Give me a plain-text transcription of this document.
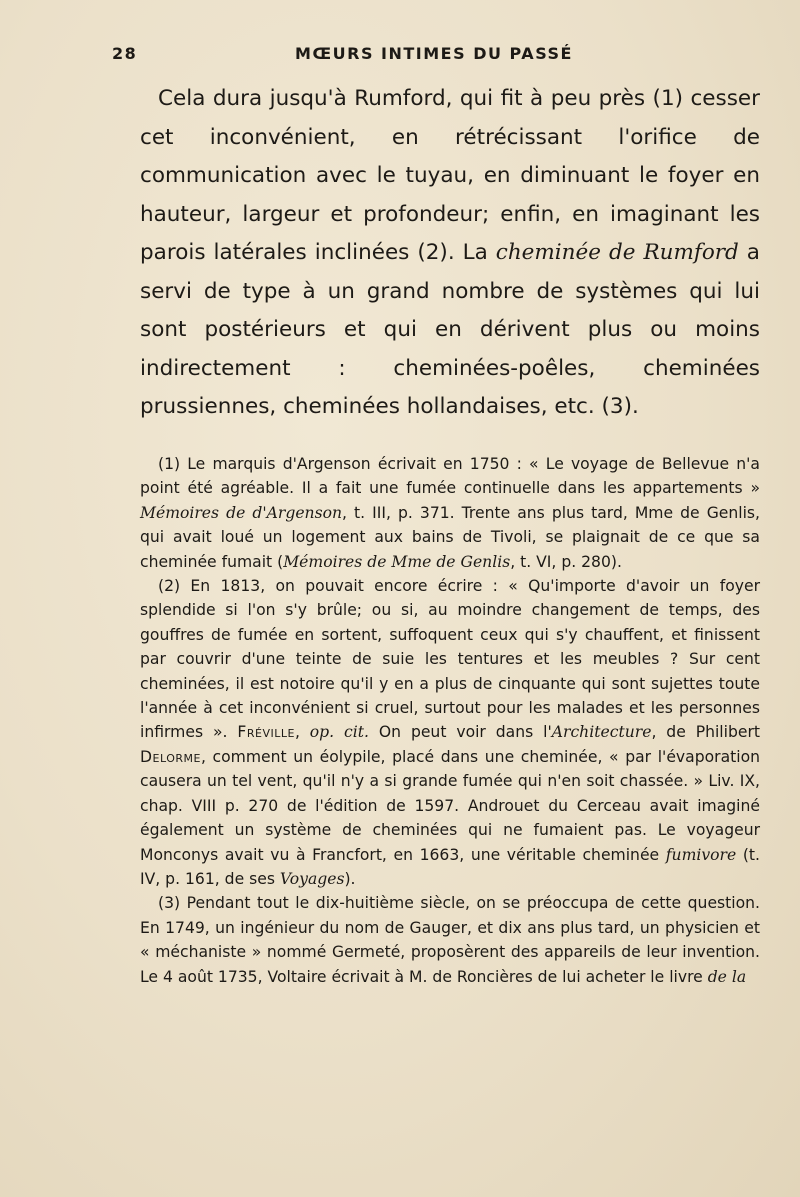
28	MŒURS INTIMES DU PASSÉ

Cela dura jusqu'à Rumford, qui fit à peu près (1) cesser cet inconvénient, en rétrécissant l'orifice de communication avec le tuyau, en diminuant le foyer en hauteur, largeur et profondeur; enfin, en imaginant les parois latérales inclinées (2). La cheminée de Rumford a servi de type à un grand nombre de systèmes qui lui sont postérieurs et qui en dérivent plus ou moins indirectement : cheminées-poêles, cheminées prussiennes, cheminées hollandaises, etc. (3).

(1) Le marquis d'Argenson écrivait en 1750 : « Le voyage de Bellevue n'a point été agréable. Il a fait une fumée continuelle dans les appartements » Mémoires de d'Argenson, t. III, p. 371. Trente ans plus tard, Mme de Genlis, qui avait loué un logement aux bains de Tivoli, se plaignait de ce que sa cheminée fumait (Mémoires de Mme de Genlis, t. VI, p. 280).

(2) En 1813, on pouvait encore écrire : « Qu'importe d'avoir un foyer splendide si l'on s'y brûle; ou si, au moindre changement de temps, des gouffres de fumée en sortent, suffoquent ceux qui s'y chauffent, et finissent par couvrir d'une teinte de suie les tentures et les meubles ? Sur cent cheminées, il est notoire qu'il y en a plus de cinquante qui sont sujettes toute l'année à cet inconvénient si cruel, surtout pour les malades et les personnes infirmes ». Fréville, op. cit. On peut voir dans l'Architecture, de Philibert Delorme, comment un éolypile, placé dans une cheminée, « par l'évaporation causera un tel vent, qu'il n'y a si grande fumée qui n'en soit chassée. » Liv. IX, chap. VIII p. 270 de l'édition de 1597. Androuet du Cerceau avait imaginé également un système de cheminées qui ne fumaient pas. Le voyageur Monconys avait vu à Francfort, en 1663, une véritable cheminée fumivore (t. IV, p. 161, de ses Voyages).

(3) Pendant tout le dix-huitième siècle, on se préoccupa de cette question. En 1749, un ingénieur du nom de Gauger, et dix ans plus tard, un physicien et « méchaniste » nommé Germeté, proposèrent des appareils de leur invention. Le 4 août 1735, Voltaire écrivait à M. de Roncières de lui acheter le livre de la
